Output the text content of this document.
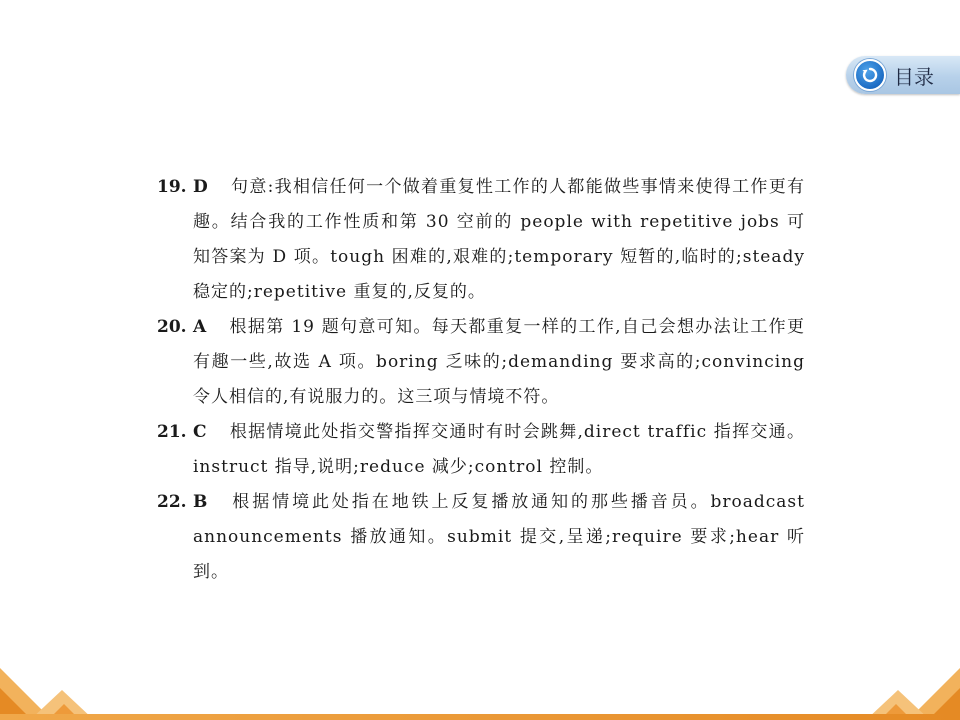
目录
19. D 句意:我相信任何一个做着重复性工作的人都能做些事情来使得工作更有趣。结合我的工作性质和第 30 空前的 people with repetitive jobs 可知答案为 D 项。tough 困难的,艰难的;temporary 短暂的,临时的;steady 稳定的;repetitive 重复的,反复的。

20. A 根据第 19 题句意可知。每天都重复一样的工作,自己会想办法让工作更有趣一些,故选 A 项。boring 乏味的;demanding 要求高的;convincing 令人相信的,有说服力的。这三项与情境不符。

21. C 根据情境此处指交警指挥交通时有时会跳舞,direct traffic 指挥交通。instruct 指导,说明;reduce 减少;control 控制。

22. B 根据情境此处指在地铁上反复播放通知的那些播音员。broadcast announcements 播放通知。submit 提交,呈递;require 要求;hear 听到。
